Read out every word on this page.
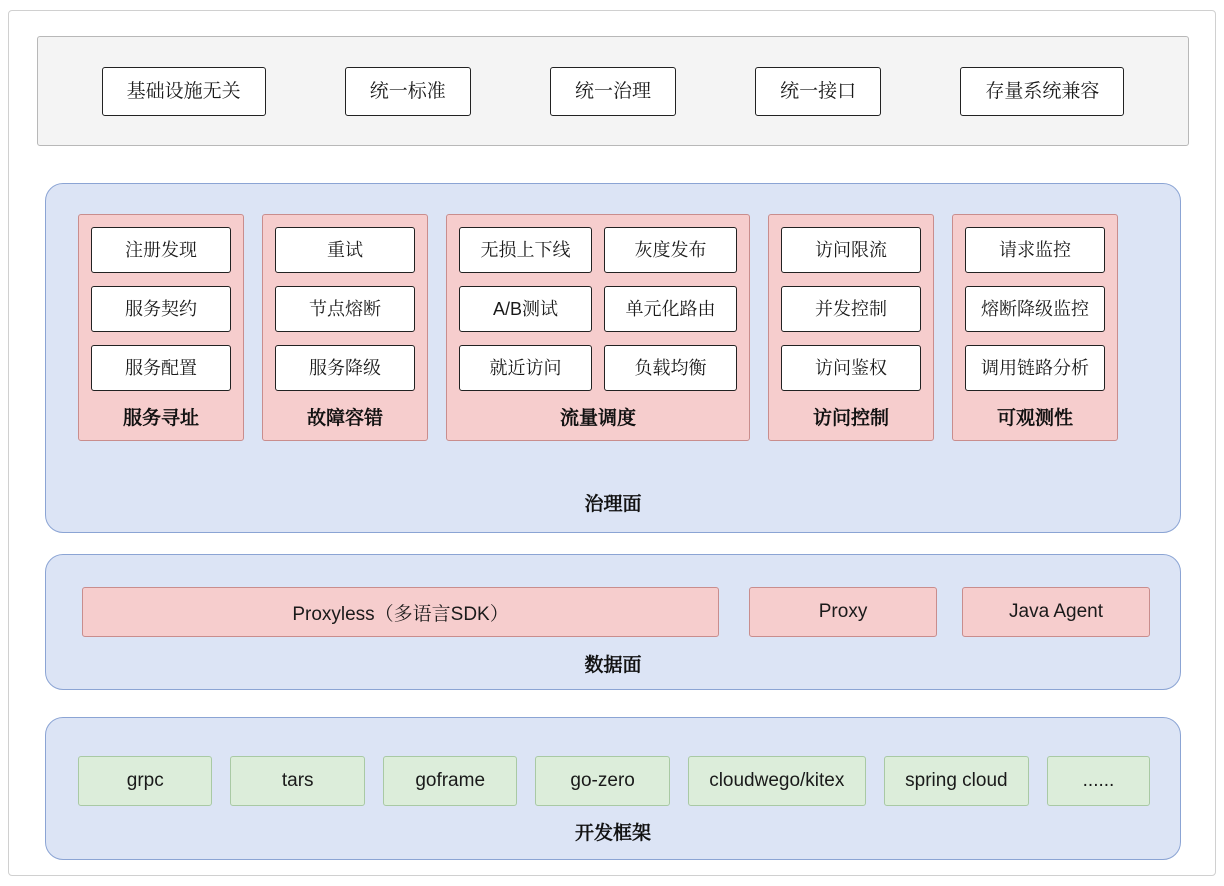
基础设施无关	统一标准	统一治理	统一接口	存量系统兼容
注册发现
服务契约
服务配置
服务寻址
重试
节点熔断
服务降级
故障容错
无损上下线	灰度发布
A/B测试	单元化路由
就近访问	负载均衡
流量调度
访问限流
并发控制
访问鉴权
访问控制
请求监控
熔断降级监控
调用链路分析
可观测性
治理面
Proxyless（多语言SDK）	Proxy	Java Agent
数据面
grpc	tars	goframe	go-zero	cloudwego/kitex	spring cloud	......
开发框架
